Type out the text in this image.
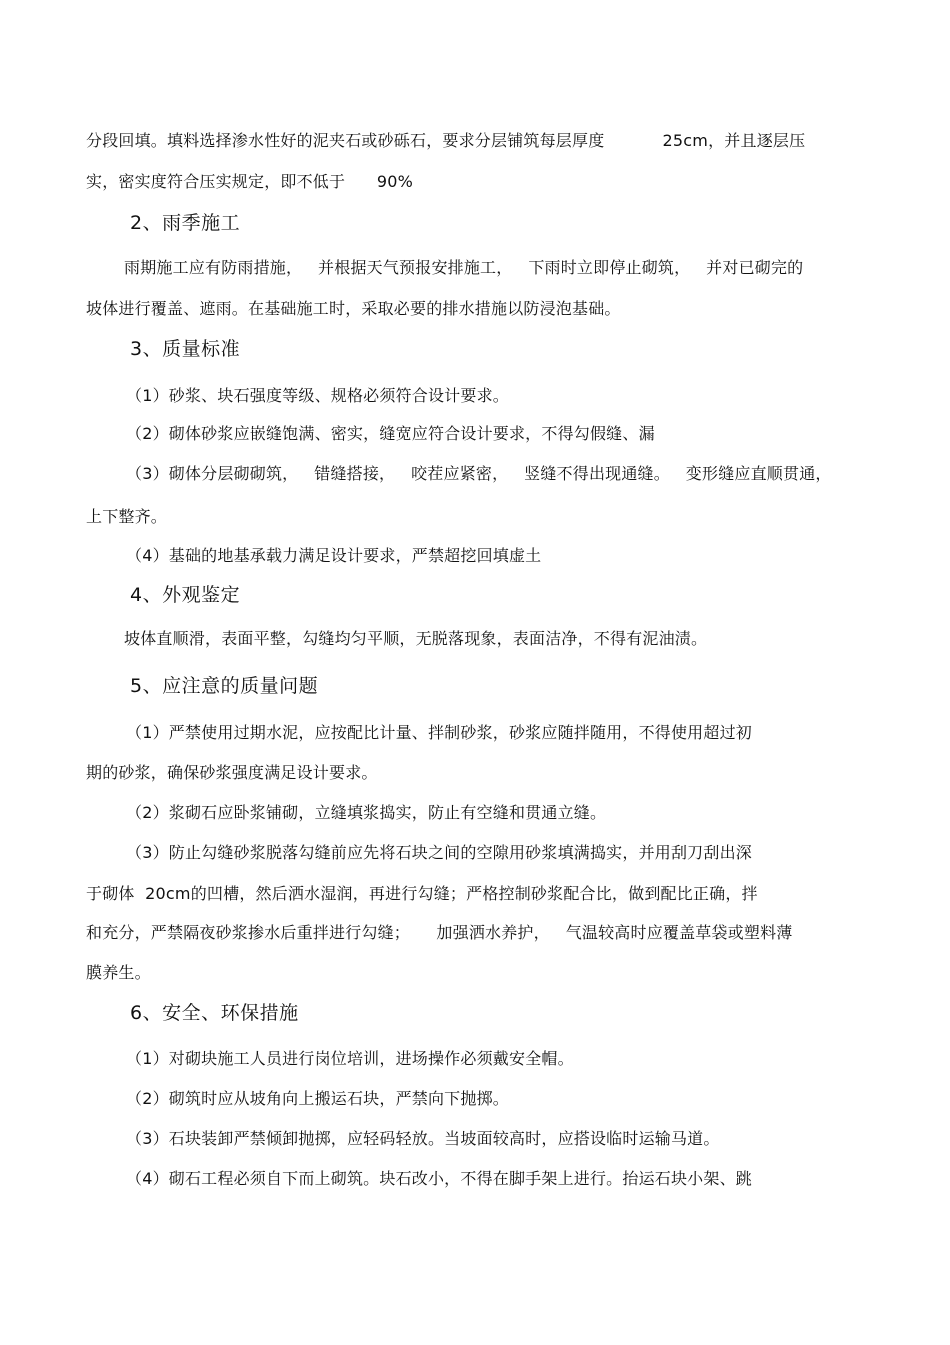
分段回填。填料选择渗水性好的泥夹石或砂砾石，要求分层铺筑每层厚度           25cm，并且逐层压
实，密实度符合压实规定，即不低于      90%
2、雨季施工
雨期施工应有防雨措施，   并根据天气预报安排施工，   下雨时立即停止砌筑，   并对已砌完的
坡体进行覆盖、遮雨。在基础施工时，采取必要的排水措施以防浸泡基础。
3、质量标准
（1）砂浆、块石强度等级、规格必须符合设计要求。
（2）砌体砂浆应嵌缝饱满、密实，缝宽应符合设计要求，不得勾假缝、漏
（3）砌体分层砌砌筑，   错缝搭接，   咬茬应紧密，   竖缝不得出现通缝。   变形缝应直顺贯通，
上下整齐。
（4）基础的地基承载力满足设计要求，严禁超挖回填虚土
4、外观鉴定
坡体直顺滑，表面平整，勾缝均匀平顺，无脱落现象，表面洁净，不得有泥油渍。
5、应注意的质量问题
（1）严禁使用过期水泥，应按配比计量、拌制砂浆，砂浆应随拌随用，不得使用超过初
期的砂浆，确保砂浆强度满足设计要求。
（2）浆砌石应卧浆铺砌，立缝填浆捣实，防止有空缝和贯通立缝。
（3）防止勾缝砂浆脱落勾缝前应先将石块之间的空隙用砂浆填满捣实，并用刮刀刮出深
于砌体  20cm的凹槽，然后洒水湿润，再进行勾缝；严格控制砂浆配合比，做到配比正确，拌
和充分，严禁隔夜砂浆掺水后重拌进行勾缝；     加强洒水养护，   气温较高时应覆盖草袋或塑料薄
膜养生。
6、安全、环保措施
（1）对砌块施工人员进行岗位培训，进场操作必须戴安全帽。
（2）砌筑时应从坡角向上搬运石块，严禁向下抛掷。
（3）石块装卸严禁倾卸抛掷，应轻码轻放。当坡面较高时，应搭设临时运输马道。
（4）砌石工程必须自下而上砌筑。块石改小，不得在脚手架上进行。抬运石块小架、跳
